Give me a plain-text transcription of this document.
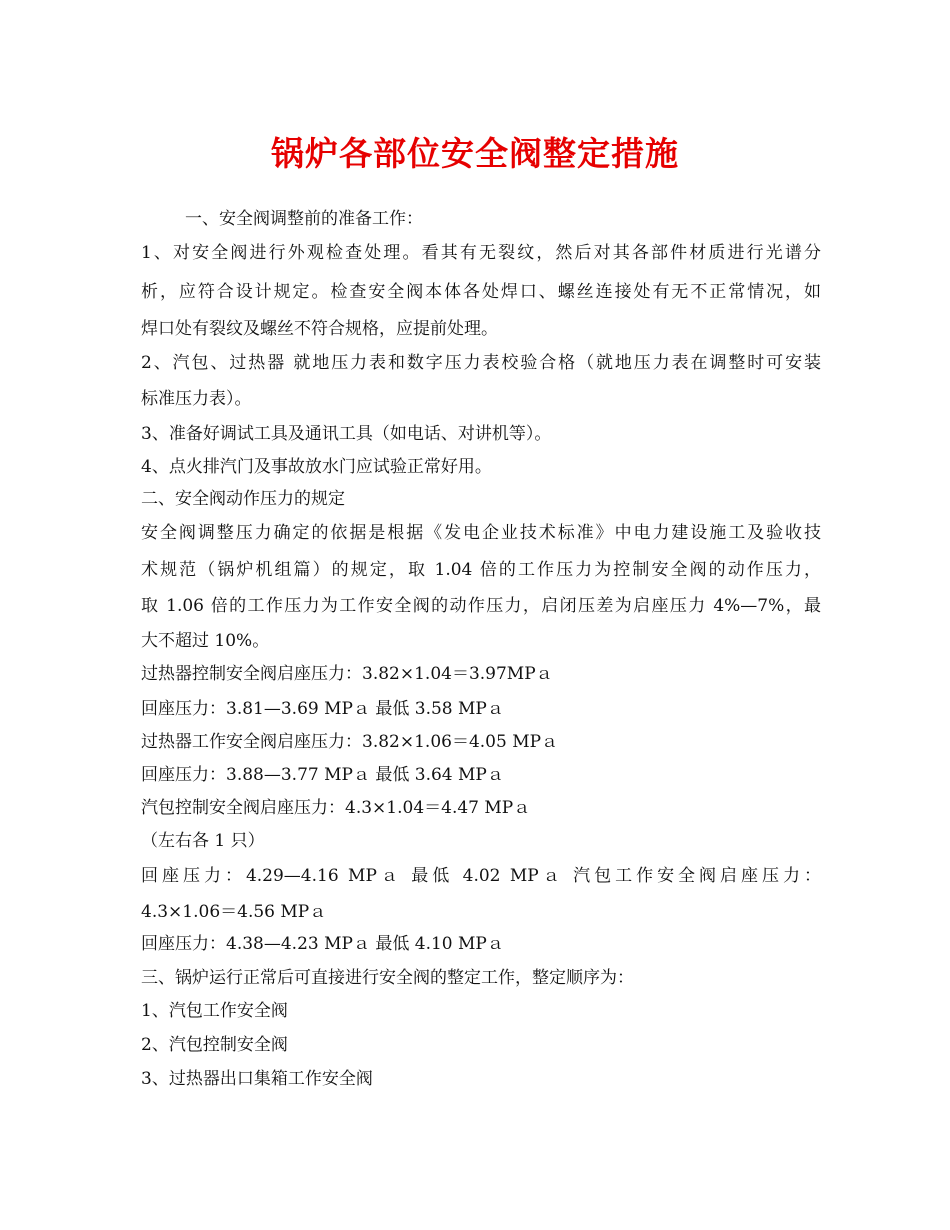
锅炉各部位安全阀整定措施
一、安全阀调整前的准备工作：
1、对安全阀进行外观检查处理。看其有无裂纹，然后对其各部件材质进行光谱分
析，应符合设计规定。检查安全阀本体各处焊口、螺丝连接处有无不正常情况，如
焊口处有裂纹及螺丝不符合规格，应提前处理。
2、汽包、过热器 就地压力表和数字压力表校验合格（就地压力表在调整时可安装
标准压力表）。
3、准备好调试工具及通讯工具（如电话、对讲机等）。
4、点火排汽门及事故放水门应试验正常好用。
二、安全阀动作压力的规定
安全阀调整压力确定的依据是根据《发电企业技术标准》中电力建设施工及验收技
术规范（锅炉机组篇）的规定，取 1.04 倍的工作压力为控制安全阀的动作压力，
取 1.06 倍的工作压力为工作安全阀的动作压力，启闭压差为启座压力 4%—7%，最
大不超过 10%。
过热器控制安全阀启座压力：3.82×1.04＝3.97MPａ
回座压力：3.81—3.69 MPａ 最低 3.58 MPａ
过热器工作安全阀启座压力：3.82×1.06＝4.05 MPａ
回座压力：3.88—3.77 MPａ 最低 3.64 MPａ
汽包控制安全阀启座压力：4.3×1.04＝4.47 MPａ
（左右各 1 只）
回座压力：4.29—4.16 MPａ 最低 4.02 MPａ 汽包工作安全阀启座压力：
4.3×1.06＝4.56 MPａ
回座压力：4.38—4.23 MPａ 最低 4.10 MPａ
三、锅炉运行正常后可直接进行安全阀的整定工作，整定顺序为：
1、汽包工作安全阀
2、汽包控制安全阀
3、过热器出口集箱工作安全阀
